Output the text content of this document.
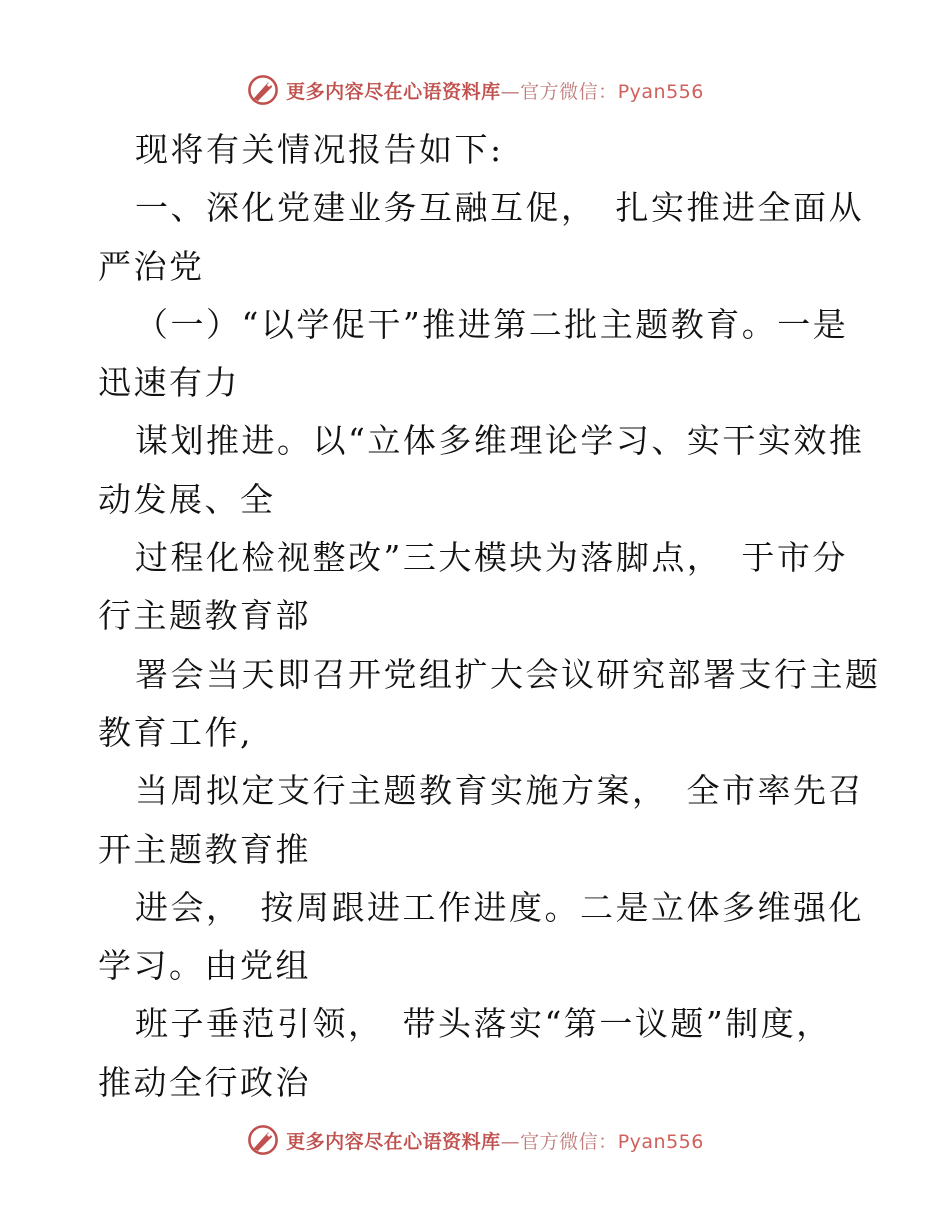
更多内容尽在心语资料库—官方微信：Pyan556
现将有关情况报告如下:
一、深化党建业务互融互促，　扎实推进全面从
严治党
（一）“以学促干”推进第二批主题教育。一是
迅速有力
谋划推进。以“立体多维理论学习、实干实效推
动发展、全
过程化检视整改”三大模块为落脚点，　于市分
行主题教育部
署会当天即召开党组扩大会议研究部署支行主题
教育工作,
当周拟定支行主题教育实施方案，　全市率先召
开主题教育推
进会，　按周跟进工作进度。二是立体多维强化
学习。由党组
班子垂范引领，　带头落实“第一议题”制度，
推动全行政治
更多内容尽在心语资料库—官方微信：Pyan556
